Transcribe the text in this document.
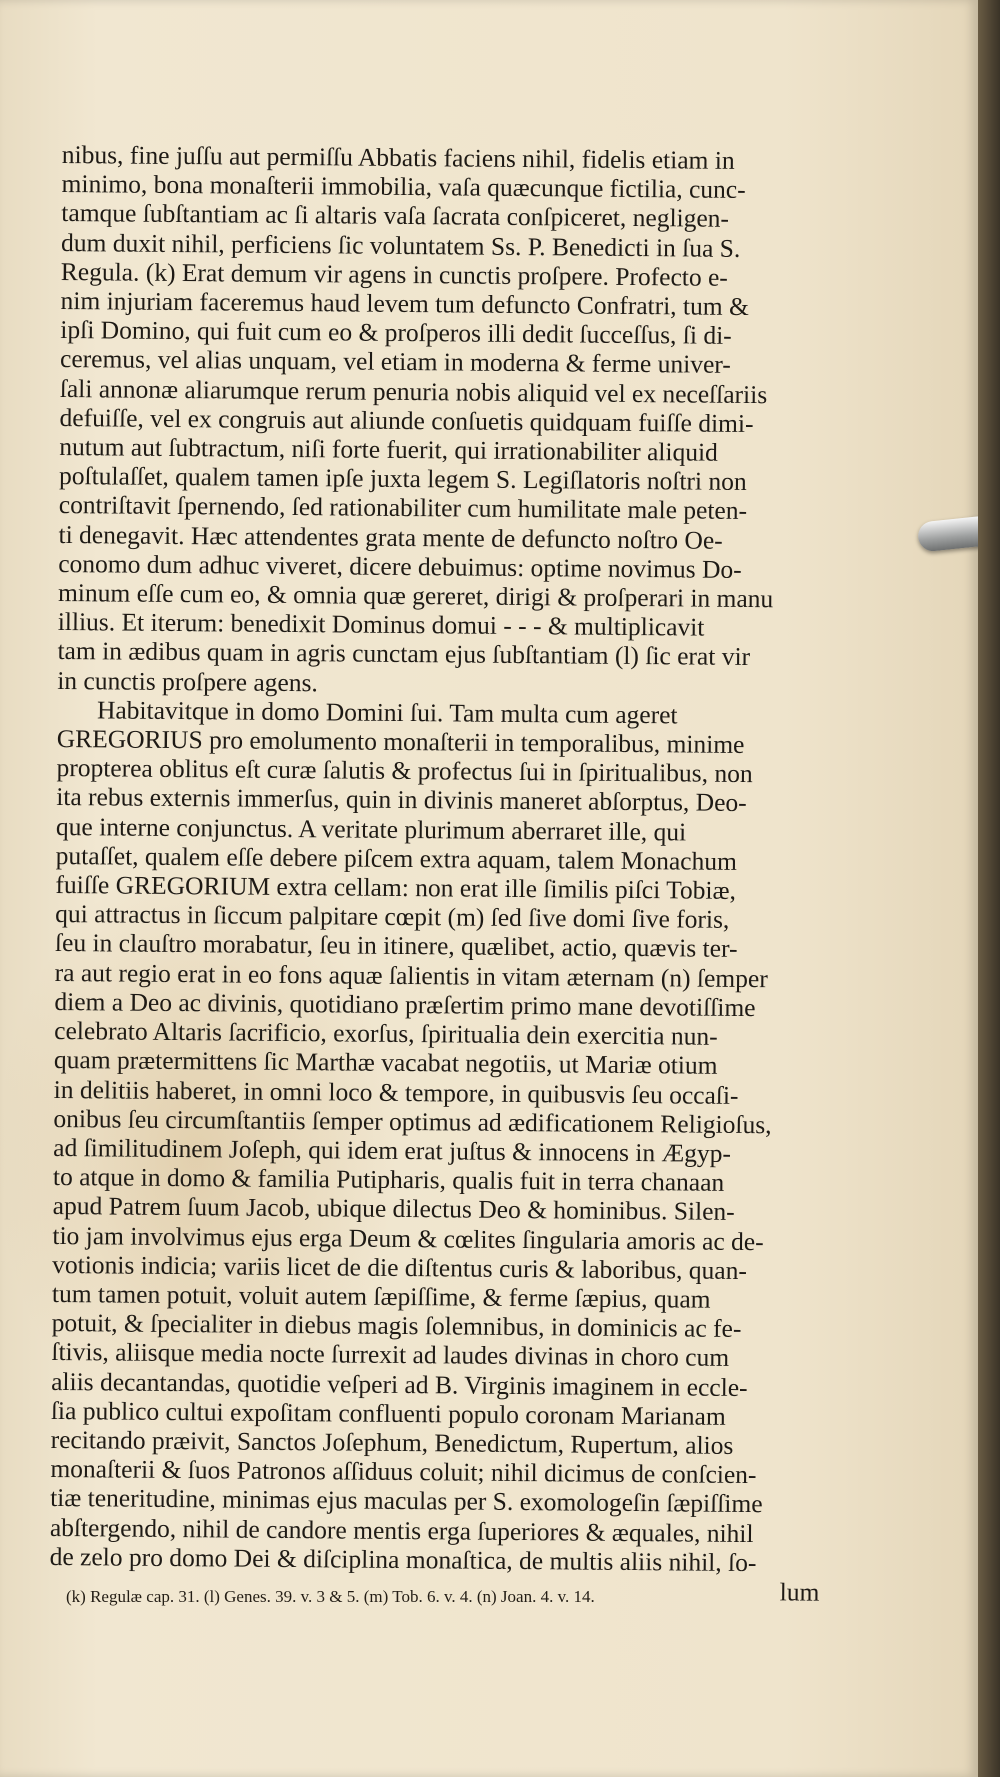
nibus, fine juſſu aut permiſſu Abbatis faciens nihil, fidelis etiam in
minimo, bona monaſterii immobilia, vaſa quæcunque fictilia, cunc-
tamque ſubſtantiam ac ſi altaris vaſa ſacrata conſpiceret, negligen-
dum duxit nihil, perficiens ſic voluntatem Ss. P. Benedicti in ſua S.
Regula. (k) Erat demum vir agens in cunctis proſpere. Profecto e-
nim injuriam faceremus haud levem tum defuncto Confratri, tum &
ipſi Domino, qui fuit cum eo & proſperos illi dedit ſucceſſus, ſi di-
ceremus, vel alias unquam, vel etiam in moderna & ferme univer-
ſali annonæ aliarumque rerum penuria nobis aliquid vel ex neceſſariis
defuiſſe, vel ex congruis aut aliunde conſuetis quidquam fuiſſe dimi-
nutum aut ſubtractum, niſi forte fuerit, qui irrationabiliter aliquid
poſtulaſſet, qualem tamen ipſe juxta legem S. Legiſlatoris noſtri non
contriſtavit ſpernendo, ſed rationabiliter cum humilitate male peten-
ti denegavit. Hæc attendentes grata mente de defuncto noſtro Oe-
conomo dum adhuc viveret, dicere debuimus: optime novimus Do-
minum eſſe cum eo, & omnia quæ gereret, dirigi & proſperari in manu
illius. Et iterum: benedixit Dominus domui - - - & multiplicavit
tam in ædibus quam in agris cunctam ejus ſubſtantiam (l) ſic erat vir
in cunctis proſpere agens.
Habitavitque in domo Domini ſui. Tam multa cum ageret
GREGORIUS pro emolumento monaſterii in temporalibus, minime
propterea oblitus eſt curæ ſalutis & profectus ſui in ſpiritualibus, non
ita rebus externis immerſus, quin in divinis maneret abſorptus, Deo-
que interne conjunctus. A veritate plurimum aberraret ille, qui
putaſſet, qualem eſſe debere piſcem extra aquam, talem Monachum
fuiſſe GREGORIUM extra cellam: non erat ille ſimilis piſci Tobiæ,
qui attractus in ſiccum palpitare cœpit (m) ſed ſive domi ſive foris,
ſeu in clauſtro morabatur, ſeu in itinere, quælibet, actio, quævis ter-
ra aut regio erat in eo fons aquæ ſalientis in vitam æternam (n) ſemper
diem a Deo ac divinis, quotidiano præſertim primo mane devotiſſime
celebrato Altaris ſacrificio, exorſus, ſpiritualia dein exercitia nun-
quam prætermittens ſic Marthæ vacabat negotiis, ut Mariæ otium
in delitiis haberet, in omni loco & tempore, in quibusvis ſeu occaſi-
onibus ſeu circumſtantiis ſemper optimus ad ædificationem Religioſus,
ad ſimilitudinem Joſeph, qui idem erat juſtus & innocens in Ægyp-
to atque in domo & familia Putipharis, qualis fuit in terra chanaan
apud Patrem ſuum Jacob, ubique dilectus Deo & hominibus. Silen-
tio jam involvimus ejus erga Deum & cœlites ſingularia amoris ac de-
votionis indicia; variis licet de die diſtentus curis & laboribus, quan-
tum tamen potuit, voluit autem ſæpiſſime, & ferme ſæpius, quam
potuit, & ſpecialiter in diebus magis ſolemnibus, in dominicis ac fe-
ſtivis, aliisque media nocte ſurrexit ad laudes divinas in choro cum
aliis decantandas, quotidie veſperi ad B. Virginis imaginem in eccle-
ſia publico cultui expoſitam confluenti populo coronam Marianam
recitando præivit, Sanctos Joſephum, Benedictum, Rupertum, alios
monaſterii & ſuos Patronos aſſiduus coluit; nihil dicimus de conſcien-
tiæ teneritudine, minimas ejus maculas per S. exomologeſin ſæpiſſime
abſtergendo, nihil de candore mentis erga ſuperiores & æquales, nihil
de zelo pro domo Dei & diſciplina monaſtica, de multis aliis nihil, ſo-
lum

(k) Regulæ cap. 31. (l) Genes. 39. v. 3 & 5. (m) Tob. 6. v. 4. (n) Joan. 4. v. 14.
